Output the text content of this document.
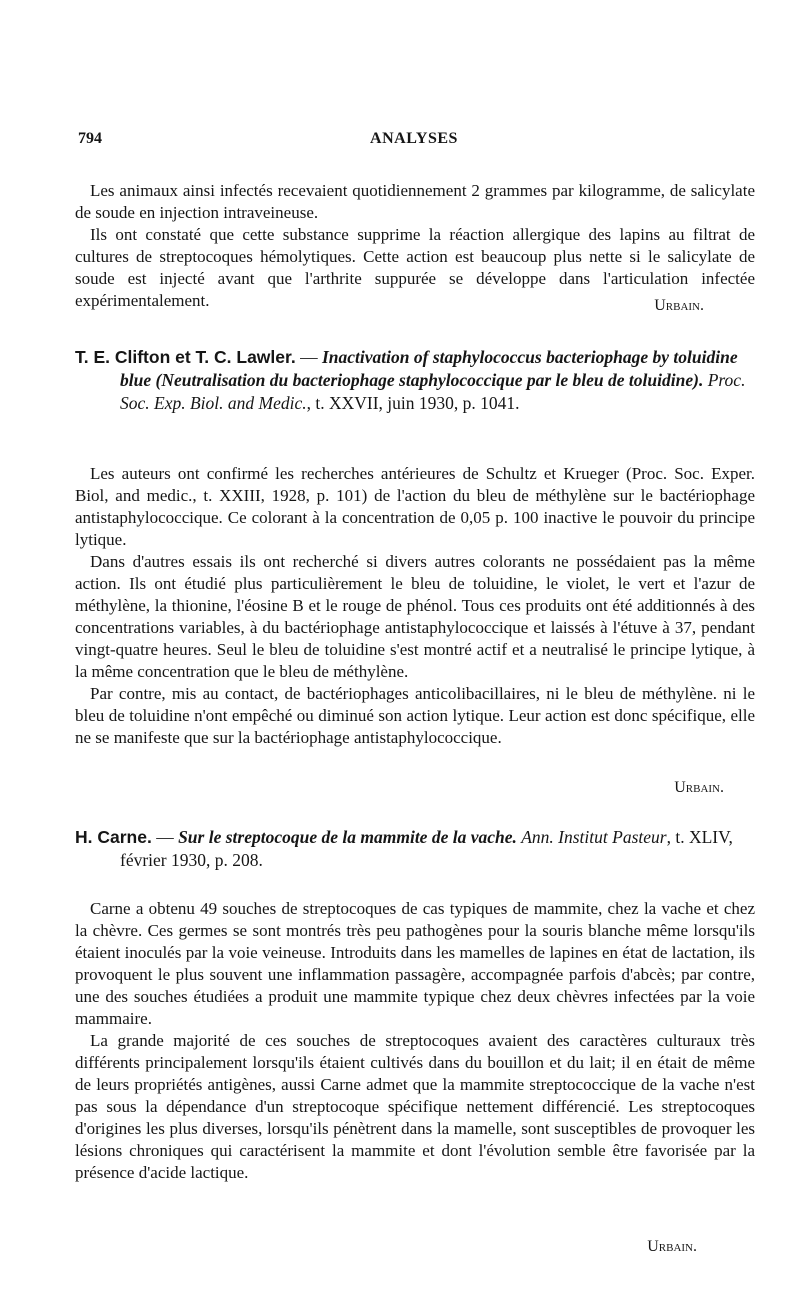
794	ANALYSES

Les animaux ainsi infectés recevaient quotidiennement 2 grammes par kilogramme, de salicylate de soude en injection intraveineuse.

Ils ont constaté que cette substance supprime la réaction allergique des lapins au filtrat de cultures de streptocoques hémolytiques. Cette action est beaucoup plus nette si le salicylate de soude est injecté avant que l'arthrite suppurée se développe dans l'articulation infectée expérimentalement.	Urbain.

T. E. Clifton et T. C. Lawler. — Inactivation of staphylococcus bacteriophage by toluidine blue (Neutralisation du bacteriophage staphylococcique par le bleu de toluidine). Proc. Soc. Exp. Biol. and Medic., t. XXVII, juin 1930, p. 1041.

Les auteurs ont confirmé les recherches antérieures de Schultz et Krueger (Proc. Soc. Exper. Biol, and medic., t. XXIII, 1928, p. 101) de l'action du bleu de méthylène sur le bactériophage antistaphylococcique. Ce colorant à la concentration de 0,05 p. 100 inactive le pouvoir du principe lytique.

Dans d'autres essais ils ont recherché si divers autres colorants ne possédaient pas la même action. Ils ont étudié plus particulièrement le bleu de toluidine, le violet, le vert et l'azur de méthylène, la thionine, l'éosine B et le rouge de phénol. Tous ces produits ont été additionnés à des concentrations variables, à du bactériophage antistaphylococcique et laissés à l'étuve à 37, pendant vingt-quatre heures. Seul le bleu de toluidine s'est montré actif et a neutralisé le principe lytique, à la même concentration que le bleu de méthylène.

Par contre, mis au contact, de bactériophages anticolibacillaires, ni le bleu de méthylène. ni le bleu de toluidine n'ont empêché ou diminué son action lytique. Leur action est donc spécifique, elle ne se manifeste que sur la bactériophage antistaphylococcique.

Urbain.

H. Carne. — Sur le streptocoque de la mammite de la vache. Ann. Institut Pasteur, t. XLIV, février 1930, p. 208.

Carne a obtenu 49 souches de streptocoques de cas typiques de mammite, chez la vache et chez la chèvre. Ces germes se sont montrés très peu pathogènes pour la souris blanche même lorsqu'ils étaient inoculés par la voie veineuse. Introduits dans les mamelles de lapines en état de lactation, ils provoquent le plus souvent une inflammation passagère, accompagnée parfois d'abcès; par contre, une des souches étudiées a produit une mammite typique chez deux chèvres infectées par la voie mammaire.

La grande majorité de ces souches de streptocoques avaient des caractères culturaux très différents principalement lorsqu'ils étaient cultivés dans du bouillon et du lait; il en était de même de leurs propriétés antigènes, aussi Carne admet que la mammite streptococcique de la vache n'est pas sous la dépendance d'un streptocoque spécifique nettement différencié. Les streptocoques d'origines les plus diverses, lorsqu'ils pénètrent dans la mamelle, sont susceptibles de provoquer les lésions chroniques qui caractérisent la mammite et dont l'évolution semble être favorisée par la présence d'acide lactique.

Urbain.
